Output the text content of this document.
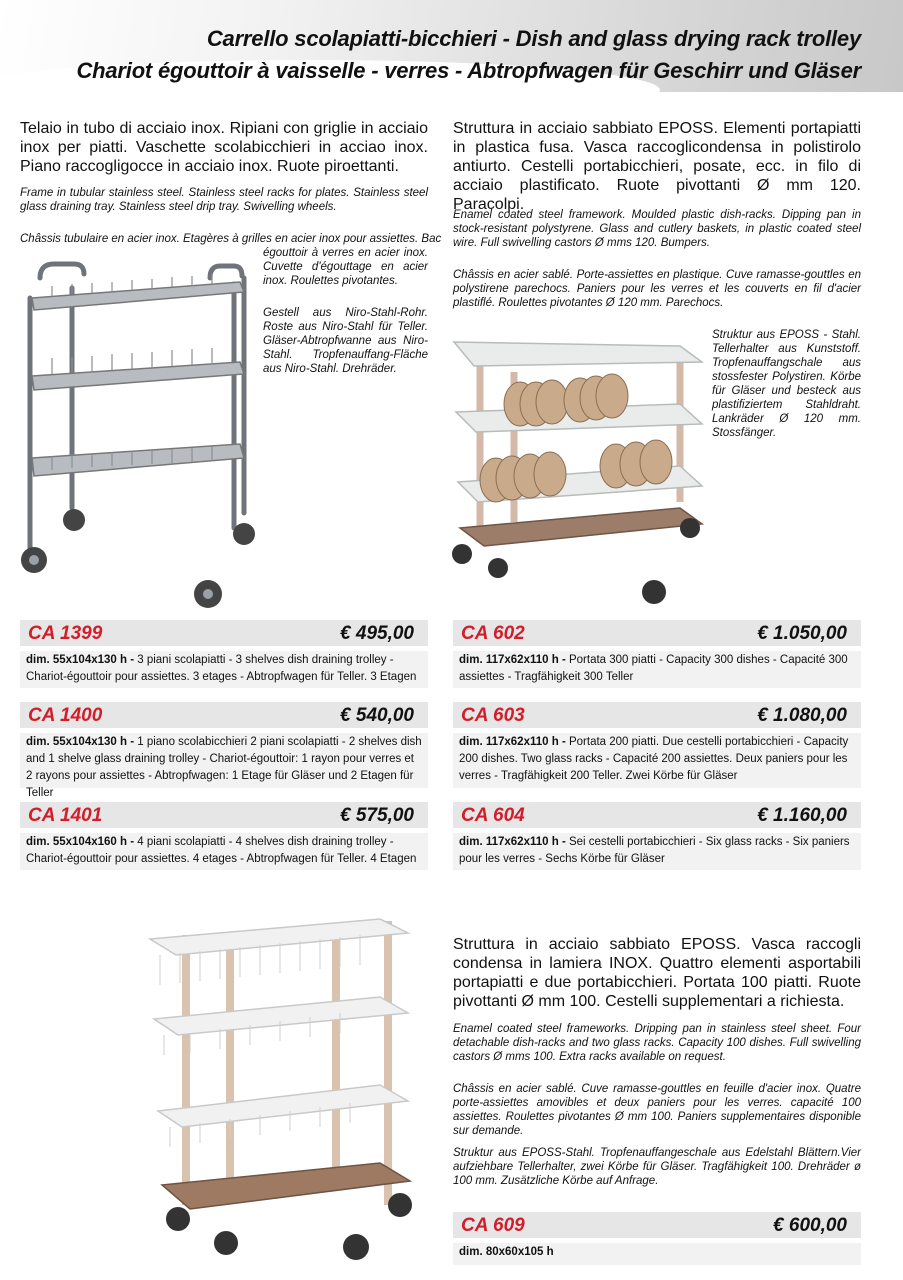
Carrello scolapiatti-bicchieri - Dish and glass drying rack trolley
Chariot égouttoir à vaisselle - verres - Abtropfwagen für Geschirr und Gläser
Telaio in tubo di acciaio inox. Ripiani con griglie in acciaio inox per piatti. Vaschette scolabicchieri in acciao inox. Piano raccogligocce in acciaio inox. Ruote piroettanti.
Frame in tubular stainless steel. Stainless steel racks for plates. Stainless steel glass draining tray. Stainless steel drip tray. Swivelling wheels.
Châssis tubulaire en acier inox. Etagères à grilles en acier inox pour assiettes. Bac
égouttoir à verres en acier inox. Cuvette d'égouttage en acier inox. Roulettes pivotantes.
Gestell aus Niro-Stahl-Rohr. Roste aus Niro-Stahl für Teller. Gläser-Abtropfwanne aus Niro-Stahl. Tropfenauffang-Fläche aus Niro-Stahl. Drehräder.
Struttura in acciaio sabbiato EPOSS. Elementi portapiatti in plastica fusa. Vasca raccoglicondensa in polistirolo antiurto. Cestelli portabicchieri, posate, ecc. in filo di acciaio plastificato. Ruote pivottanti Ø mm 120. Paracolpi.
Enamel coated steel framework. Moulded plastic dish-racks. Dipping pan in stock-resistant polystyrene. Glass and cutlery baskets, in plastic coated steel wire. Full swivelling castors Ø mms 120. Bumpers.
Châssis en acier sablé. Porte-assiettes en plastique. Cuve ramasse-gouttles en polystirene parechocs. Paniers pour les verres et les couverts en fil d'acier plastiflé. Roulettes pivotantes Ø 120 mm. Parechocs.
Struktur aus EPOSS - Stahl. Tellerhalter aus Kunststoff. Tropfenauffangschale aus stossfester Polystiren. Körbe für Gläser und besteck aus plastifiziertem Stahldraht. Lankräder Ø 120 mm. Stossfänger.
CA 1399	€ 495,00
dim. 55x104x130 h - 3 piani scolapiatti - 3 shelves dish draining trolley - Chariot-égouttoir pour assiettes. 3 etages - Abtropfwagen für Teller. 3 Etagen
CA 1400	€ 540,00
dim. 55x104x130 h - 1 piano scolabicchieri 2 piani scolapiatti - 2 shelves dish and 1 shelve glass draining trolley - Chariot-égouttoir: 1 rayon pour verres et 2 rayons pour assiettes - Abtropfwagen: 1 Etage für Gläser und 2 Etagen für Teller
CA 1401	€ 575,00
dim. 55x104x160 h - 4 piani scolapiatti - 4 shelves dish draining trolley - Chariot-égouttoir pour assiettes. 4 etages - Abtropfwagen für Teller. 4 Etagen
CA 602	€ 1.050,00
dim. 117x62x110 h - Portata 300 piatti - Capacity 300 dishes - Capacité 300 assiettes - Tragfähigkeit 300 Teller
CA 603	€ 1.080,00
dim. 117x62x110 h - Portata 200 piatti. Due cestelli portabicchieri - Capacity 200 dishes. Two glass racks - Capacité 200 assiettes. Deux paniers pour les verres - Tragfähigkeit 200 Teller. Zwei Körbe für Gläser
CA 604	€ 1.160,00
dim. 117x62x110 h - Sei cestelli portabicchieri - Six glass racks - Six paniers pour les verres - Sechs Körbe für Gläser
Struttura in acciaio sabbiato EPOSS. Vasca raccogli condensa in lamiera INOX. Quattro elementi asportabili portapiatti e due portabicchieri. Portata 100 piatti. Ruote pivottanti Ø mm 100. Cestelli supplementari a richiesta.
Enamel coated steel frameworks. Dripping pan in stainless steel sheet. Four detachable dish-racks and two glass racks. Capacity 100 dishes. Full swivelling castors Ø mms 100. Extra racks available on request.
Châssis en acier sablé. Cuve ramasse-gouttles en feuille d'acier inox. Quatre porte-assiettes amovibles et deux paniers pour les verres. capacité 100 assiettes. Roulettes pivotantes Ø mm 100. Paniers supplementaires disponible sur demande.
Struktur aus EPOSS-Stahl. Tropfenauffangeschale aus Edelstahl Blättern.Vier aufziehbare Tellerhalter, zwei Körbe für Gläser. Tragfähigkeit 100. Drehräder ø 100 mm. Zusätzliche Körbe auf Anfrage.
CA 609	€ 600,00
dim. 80x60x105 h
